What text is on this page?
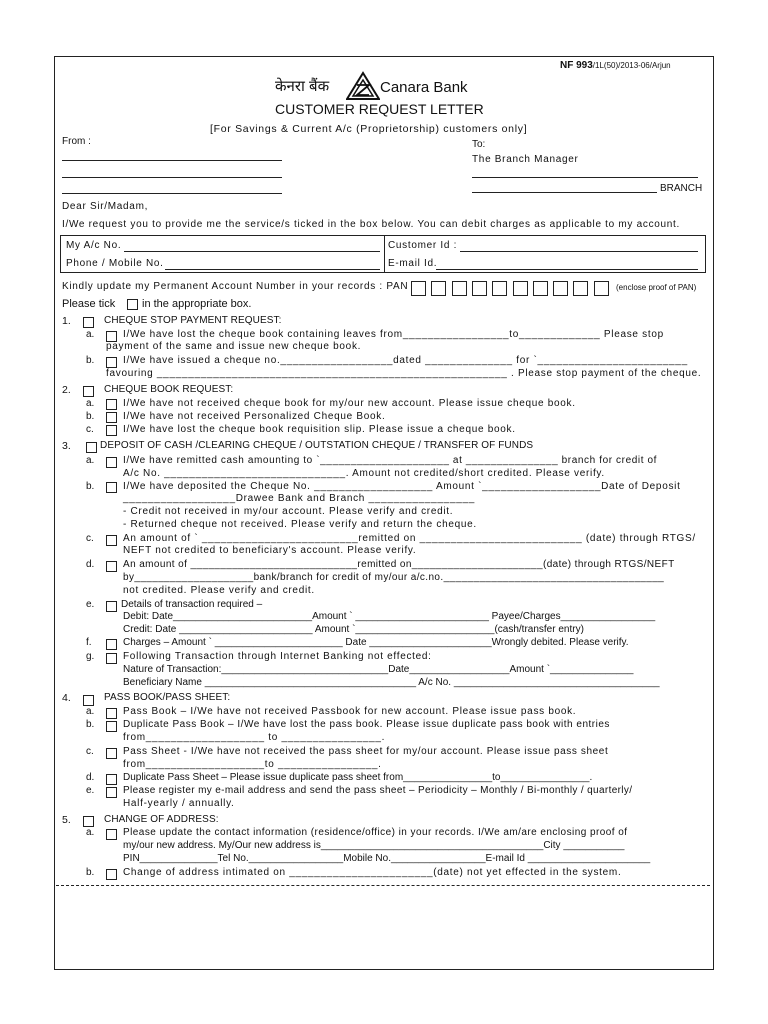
NF 993/1L(50)/2013-06/Arjun
केनरा बैंक	Canara Bank
CUSTOMER REQUEST LETTER
[For Savings & Current A/c (Proprietorship) customers only]
From :	To:
The Branch Manager
BRANCH
Dear Sir/Madam,
I/We request you to provide me the service/s ticked in the box below. You can debit charges as applicable to my account.
My A/c No.	Customer Id :
Phone / Mobile No.	E-mail Id.
Kindly update my Permanent Account Number in your records : PAN	(enclose proof of PAN)
Please tick in the appropriate box.
1.	CHEQUE STOP PAYMENT REQUEST:
a.	I/We have lost the cheque book containing leaves from_________________to_____________ Please stop
payment of the same and issue new cheque book.
b.	I/We have issued a cheque no.__________________dated ______________ for `________________________
favouring ________________________________________________________ . Please stop payment of the cheque.
2.	CHEQUE BOOK REQUEST:
a.	I/We have not received cheque book for my/our new account. Please issue cheque book.
b.	I/We have not received Personalized Cheque Book.
c.	I/We have lost the cheque book requisition slip. Please issue a cheque book.
3.	DEPOSIT OF CASH /CLEARING CHEQUE / OUTSTATION CHEQUE / TRANSFER OF FUNDS
a.	I/We have remitted cash amounting to `_____________________ at _______________ branch for credit of
A/c No. _____________________________. Amount not credited/short credited. Please verify.
b.	I/We have deposited the Cheque No. ___________________ Amount `___________________Date of Deposit
__________________Drawee Bank and Branch _________________
- Credit not received in my/our account. Please verify and credit.
- Returned cheque not received. Please verify and return the cheque.
c.	An amount of ` _________________________remitted on __________________________ (date) through RTGS/
NEFT not credited to beneficiary's account. Please verify.
d.	An amount of ____________________________remitted on______________________(date) through RTGS/NEFT
by____________________bank/branch for credit of my/our a/c.no._____________________________________
not credited. Please verify and credit.
e.	Details of transaction required –
Debit: Date_________________________Amount ` ________________________ Payee/Charges_________________
Credit: Date ________________________ Amount `_________________________(cash/transfer entry)
f.	Charges – Amount ` _______________________ Date ______________________Wrongly debited. Please verify.
g.	Following Transaction through Internet Banking not effected:
Nature of Transaction:______________________________Date__________________Amount `_______________
Beneficiary Name ______________________________________ A/c No. _____________________________________
4.	PASS BOOK/PASS SHEET:
a.	Pass Book – I/We have not received Passbook for new account. Please issue pass book.
b.	Duplicate Pass Book – I/We have lost the pass book. Please issue duplicate pass book with entries
from___________________ to ________________.
c.	Pass Sheet - I/We have not received the pass sheet for my/our account. Please issue pass sheet
from___________________to ________________.
d.	Duplicate Pass Sheet – Please issue duplicate pass sheet from________________to________________.
e.	Please register my e-mail address and send the pass sheet – Periodicity – Monthly / Bi-monthly / quarterly/
Half-yearly / annually.
5.	CHANGE OF ADDRESS:
a.	Please update the contact information (residence/office) in your records. I/We am/are enclosing proof of
my/our new address. My/Our new address is________________________________________City ___________
PIN______________Tel No._________________Mobile No._________________E-mail Id ______________________
b.	Change of address intimated on _______________________(date) not yet effected in the system.
